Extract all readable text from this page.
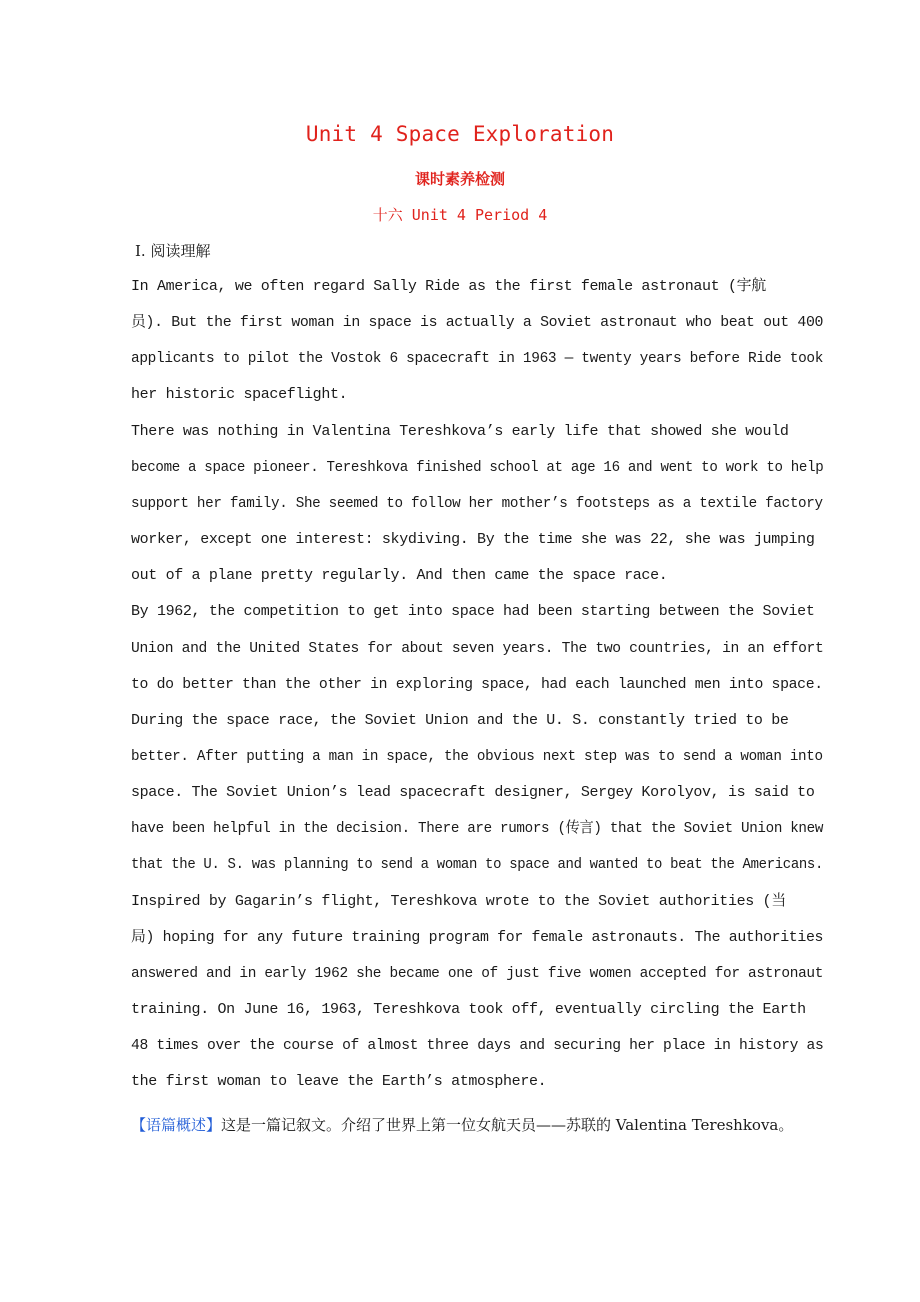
Unit 4 Space Exploration
课时素养检测
十六 Unit 4 Period 4
Ⅰ. 阅读理解
In America, we often regard Sally Ride as the first female astronaut (宇航
员). But the first woman in space is actually a Soviet astronaut who beat out 400
applicants to pilot the Vostok 6 spacecraft in 1963 — twenty years before Ride took
her historic spaceflight.
There was nothing in Valentina Tereshkova’s early life that showed she would
become a space pioneer. Tereshkova finished school at age 16 and went to work to help
support her family. She seemed to follow her mother’s footsteps as a textile factory
worker, except one interest: skydiving. By the time she was 22, she was jumping
out of a plane pretty regularly. And then came the space race.
By 1962, the competition to get into space had been starting between the Soviet
Union and the United States for about seven years. The two countries, in an effort
to do better than the other in exploring space, had each launched men into space.
During the space race, the Soviet Union and the U. S. constantly tried to be
better. After putting a man in space, the obvious next step was to send a woman into
space. The Soviet Union’s lead spacecraft designer, Sergey Korolyov, is said to
have been helpful in the decision. There are rumors (传言) that the Soviet Union knew
that the U. S. was planning to send a woman to space and wanted to beat the Americans.
Inspired by Gagarin’s flight, Tereshkova wrote to the Soviet authorities (当
局) hoping for any future training program for female astronauts. The authorities
answered and in early 1962 she became one of just five women accepted for astronaut
training. On June 16, 1963, Tereshkova took off, eventually circling the Earth
48 times over the course of almost three days and securing her place in history as
the first woman to leave the Earth’s atmosphere.
【语篇概述】这是一篇记叙文。介绍了世界上第一位女航天员——苏联的 Valentina Tereshkova。
